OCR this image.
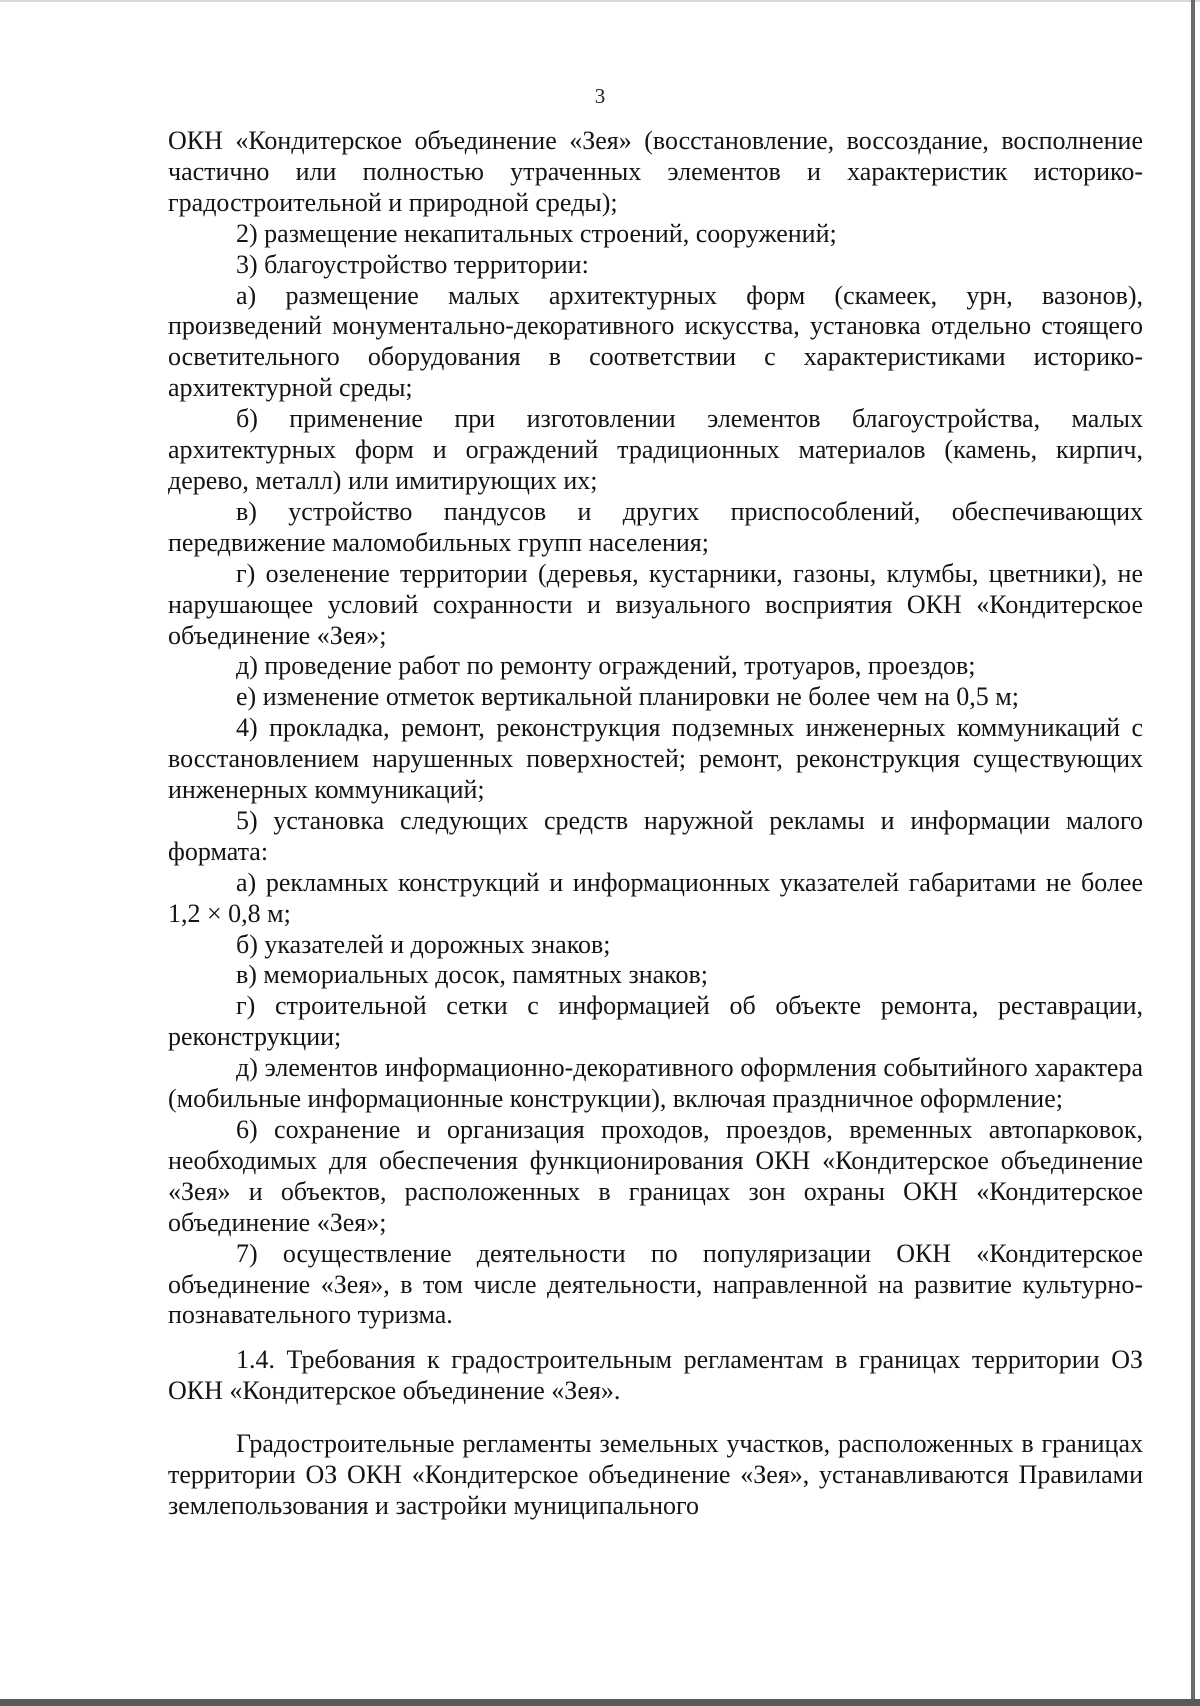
3

ОКН «Кондитерское объединение «Зея» (восстановление, воссоздание, восполнение частично или полностью утраченных элементов и характеристик историко-градостроительной и природной среды);

2) размещение некапитальных строений, сооружений;

3) благоустройство территории:

а) размещение малых архитектурных форм (скамеек, урн, вазонов), произведений монументально-декоративного искусства, установка отдельно стоящего осветительного оборудования в соответствии с характеристиками историко-архитектурной среды;

б) применение при изготовлении элементов благоустройства, малых архитектурных форм и ограждений традиционных материалов (камень, кирпич, дерево, металл) или имитирующих их;

в) устройство пандусов и других приспособлений, обеспечивающих передвижение маломобильных групп населения;

г) озеленение территории (деревья, кустарники, газоны, клумбы, цветники), не нарушающее условий сохранности и визуального восприятия ОКН «Кондитерское объединение «Зея»;

д) проведение работ по ремонту ограждений, тротуаров, проездов;

е) изменение отметок вертикальной планировки не более чем на 0,5 м;

4) прокладка, ремонт, реконструкция подземных инженерных коммуникаций с восстановлением нарушенных поверхностей; ремонт, реконструкция существующих инженерных коммуникаций;

5) установка следующих средств наружной рекламы и информации малого формата:

а) рекламных конструкций и информационных указателей габаритами не более 1,2 × 0,8 м;

б) указателей и дорожных знаков;

в) мемориальных досок, памятных знаков;

г) строительной сетки с информацией об объекте ремонта, реставрации, реконструкции;

д) элементов информационно-декоративного оформления событийного характера (мобильные информационные конструкции), включая праздничное оформление;

6) сохранение и организация проходов, проездов, временных автопарковок, необходимых для обеспечения функционирования ОКН «Кондитерское объединение «Зея» и объектов, расположенных в границах зон охраны ОКН «Кондитерское объединение «Зея»;

7) осуществление деятельности по популяризации ОКН «Кондитерское объединение «Зея», в том числе деятельности, направленной на развитие культурно-познавательного туризма.

1.4. Требования к градостроительным регламентам в границах территории ОЗ ОКН «Кондитерское объединение «Зея».

Градостроительные регламенты земельных участков, расположенных в границах территории ОЗ ОКН «Кондитерское объединение «Зея», устанавливаются Правилами землепользования и застройки муниципального
